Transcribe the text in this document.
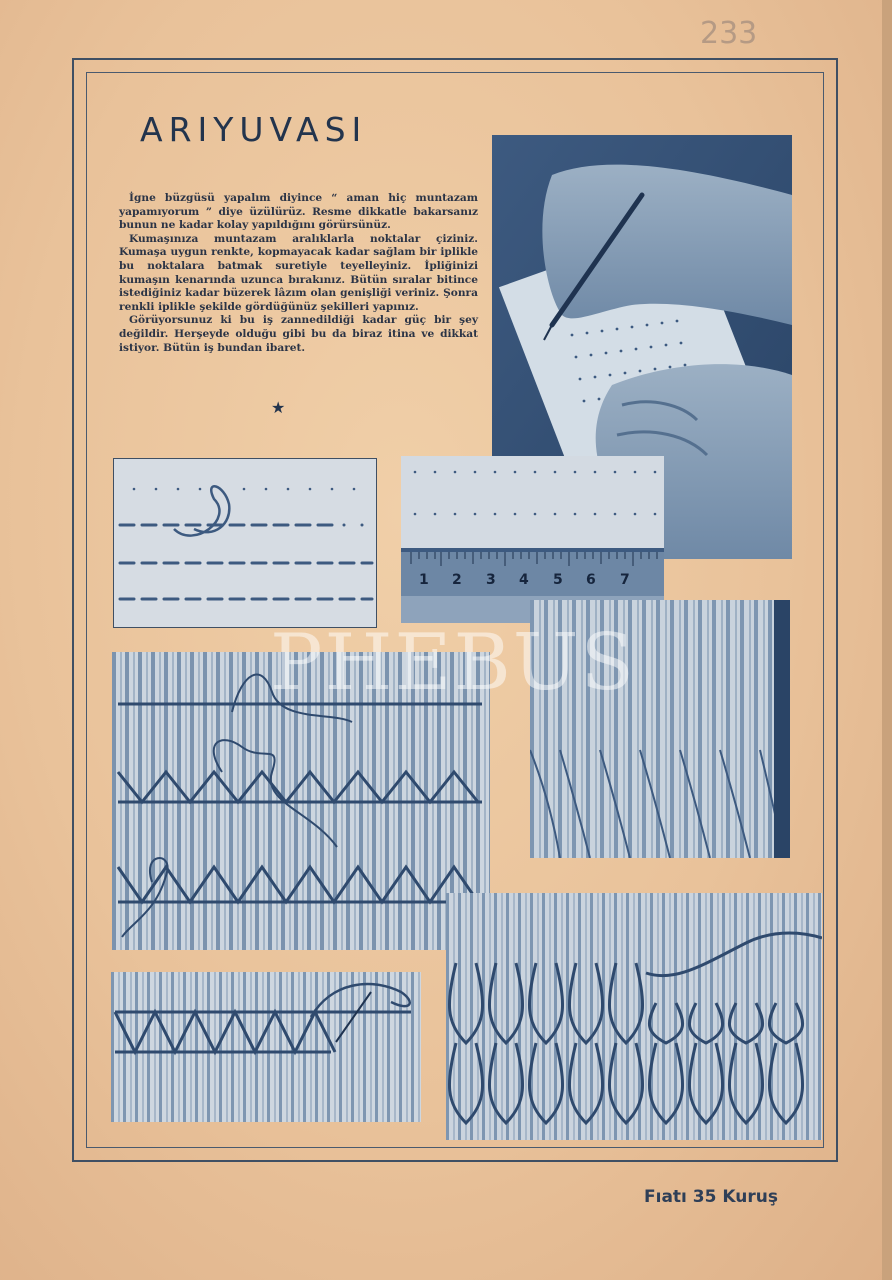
233
ARIYUVASI

İgne büzgüsü yapalım diyince “ aman hiç muntazam yapamıyorum ” diye üzülürüz. Resme dikkatle bakarsanız bunun ne kadar kolay yapıldığını görürsünüz.

Kumaşınıza muntazam aralıklarla noktalar çiziniz. Kumaşa uygun renkte, kopmayacak kadar sağlam bir iplikle bu noktalara batmak suretiyle teyelleyiniz. İpliğinizi kumaşın kenarında uzunca bırakınız. Bütün sıralar bitince istediğiniz kadar büzerek lâzım olan genişliği veriniz. Şonra renkli iplikle şekilde gördüğünüz şekilleri yapınız.

Görüyorsunuz ki bu iş zannedildiği kadar güç bir şey değildir. Herşeyde olduğu gibi bu da biraz itina ve dikkat istiyor. Bütün iş bundan ibaret.

★
1 2 3 4 5 6 7
PHEBUS
Fıatı 35 Kuruş
